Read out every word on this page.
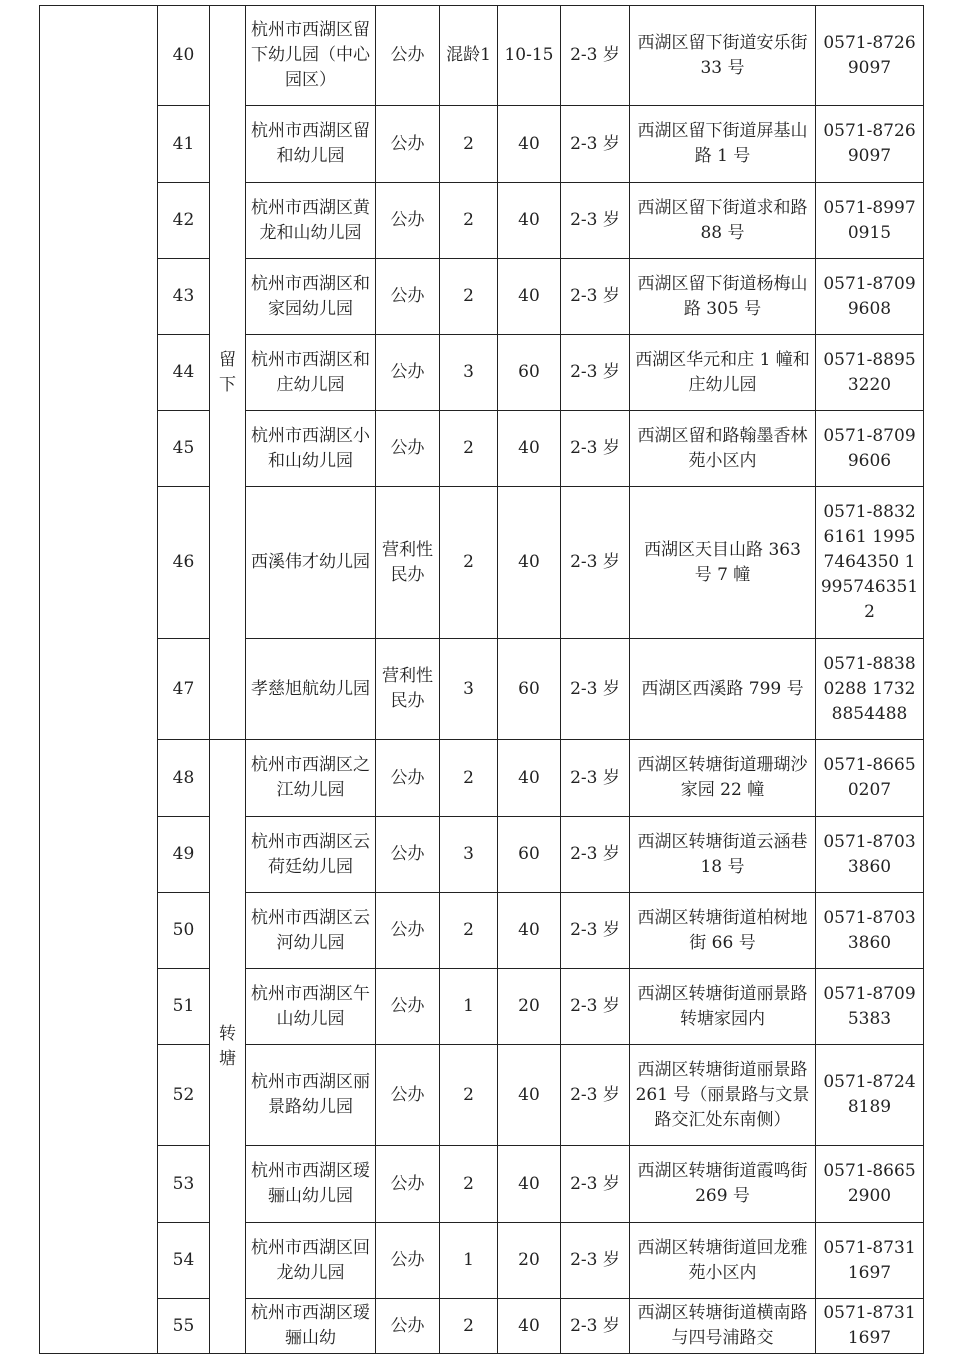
	40	留下	杭州市西湖区留下幼儿园（中心园区）	公办	混龄1	10-15	2-3 岁	西湖区留下街道安乐街 33 号	0571-87269097
	41		杭州市西湖区留和幼儿园	公办	2	40	2-3 岁	西湖区留下街道屏基山路 1 号	0571-87269097
	42		杭州市西湖区黄龙和山幼儿园	公办	2	40	2-3 岁	西湖区留下街道求和路 88 号	0571-89970915
	43		杭州市西湖区和家园幼儿园	公办	2	40	2-3 岁	西湖区留下街道杨梅山路 305 号	0571-87099608
	44		杭州市西湖区和庄幼儿园	公办	3	60	2-3 岁	西湖区华元和庄 1 幢和庄幼儿园	0571-88953220
	45		杭州市西湖区小和山幼儿园	公办	2	40	2-3 岁	西湖区留和路翰墨香林苑小区内	0571-87099606
	46		西溪伟才幼儿园	营利性民办	2	40	2-3 岁	西湖区天目山路 363 号 7 幢	0571-88326161 19957464350 19957463512
	47		孝慈旭航幼儿园	营利性民办	3	60	2-3 岁	西湖区西溪路 799 号	0571-88380288 17328854488
	48	转塘	杭州市西湖区之江幼儿园	公办	2	40	2-3 岁	西湖区转塘街道珊瑚沙家园 22 幢	0571-86650207
	49		杭州市西湖区云荷廷幼儿园	公办	3	60	2-3 岁	西湖区转塘街道云涵巷 18 号	0571-87033860
	50		杭州市西湖区云河幼儿园	公办	2	40	2-3 岁	西湖区转塘街道柏树地街 66 号	0571-87033860
	51		杭州市西湖区午山幼儿园	公办	1	20	2-3 岁	西湖区转塘街道丽景路转塘家园内	0571-87095383
	52		杭州市西湖区丽景路幼儿园	公办	2	40	2-3 岁	西湖区转塘街道丽景路 261 号（丽景路与文景路交汇处东南侧）	0571-87248189
	53		杭州市西湖区瑷骊山幼儿园	公办	2	40	2-3 岁	西湖区转塘街道霞鸣街 269 号	0571-86652900
	54		杭州市西湖区回龙幼儿园	公办	1	20	2-3 岁	西湖区转塘街道回龙雅苑小区内	0571-87311697
	55		杭州市西湖区瑷骊山幼	公办	2	40	2-3 岁	西湖区转塘街道横南路与四号浦路交	0571-87311697
